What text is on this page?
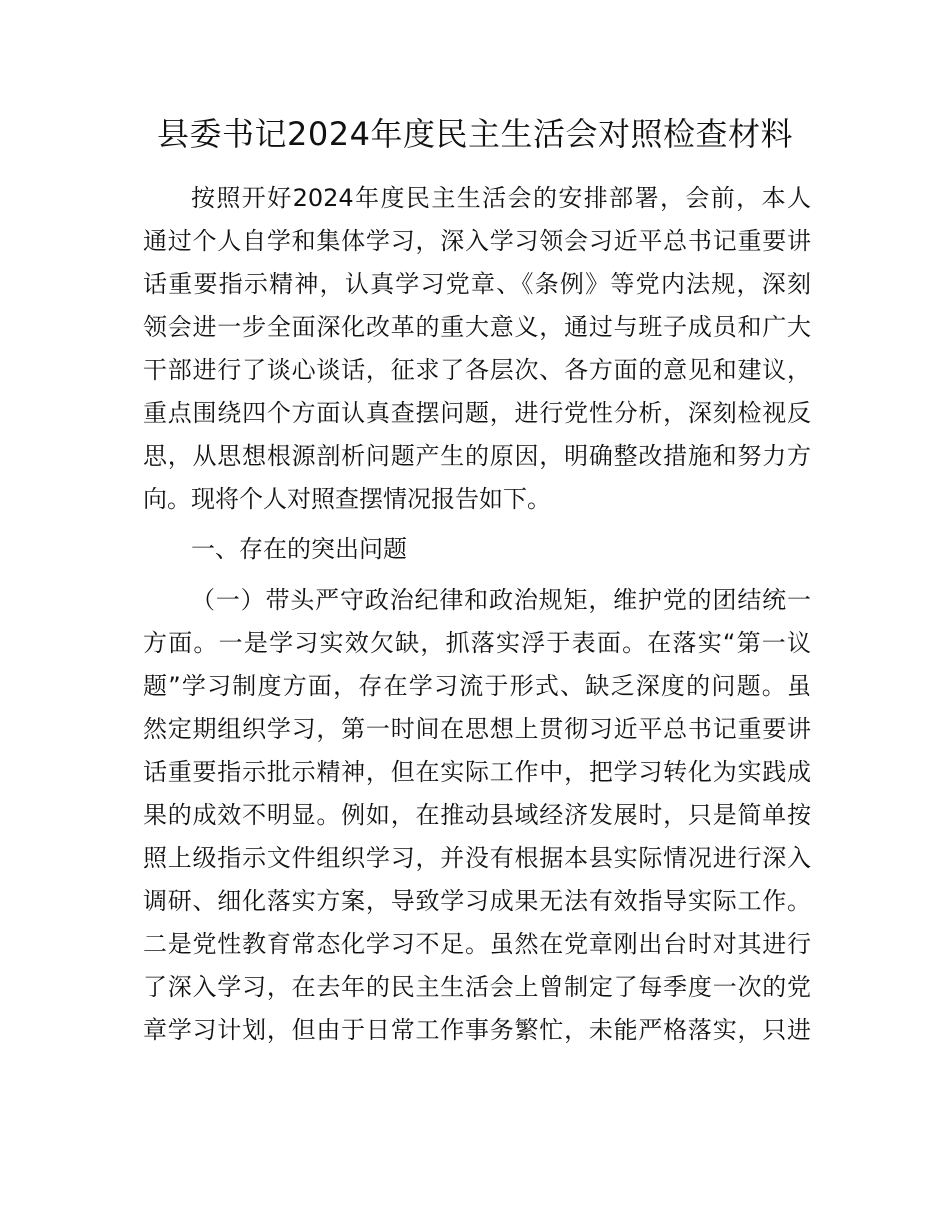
县委书记2024年度民主生活会对照检查材料
按照开好2024年度民主生活会的安排部署，会前，本人
通过个人自学和集体学习，深入学习领会习近平总书记重要讲
话重要指示精神，认真学习党章、《条例》等党内法规，深刻
领会进一步全面深化改革的重大意义，通过与班子成员和广大
干部进行了谈心谈话，征求了各层次、各方面的意见和建议，
重点围绕四个方面认真查摆问题，进行党性分析，深刻检视反
思，从思想根源剖析问题产生的原因，明确整改措施和努力方
向。现将个人对照查摆情况报告如下。
一、存在的突出问题
（一）带头严守政治纪律和政治规矩，维护党的团结统一
方面。一是学习实效欠缺，抓落实浮于表面。在落实“第一议
题”学习制度方面，存在学习流于形式、缺乏深度的问题。虽
然定期组织学习，第一时间在思想上贯彻习近平总书记重要讲
话重要指示批示精神，但在实际工作中，把学习转化为实践成
果的成效不明显。例如，在推动县域经济发展时，只是简单按
照上级指示文件组织学习，并没有根据本县实际情况进行深入
调研、细化落实方案，导致学习成果无法有效指导实际工作。
二是党性教育常态化学习不足。虽然在党章刚出台时对其进行
了深入学习，在去年的民主生活会上曾制定了每季度一次的党
章学习计划，但由于日常工作事务繁忙，未能严格落实，只进
